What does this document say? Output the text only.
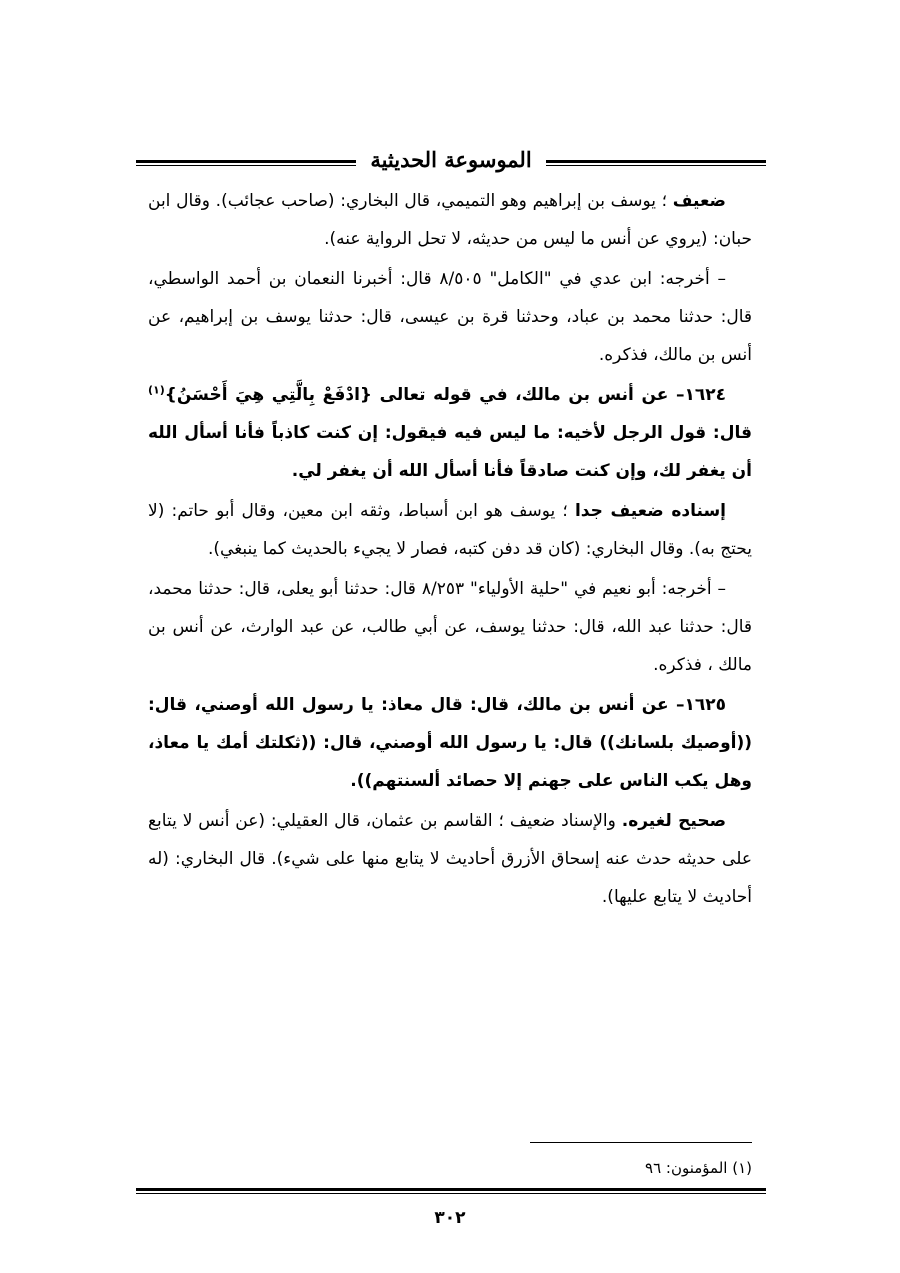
الموسوعة الحديثية

ضعيف ؛ يوسف بن إبراهيم وهو التميمي، قال البخاري: (صاحب عجائب). وقال ابن حبان: (يروي عن أنس ما ليس من حديثه، لا تحل الرواية عنه).

– أخرجه: ابن عدي في "الكامل" ٨/٥٠٥ قال: أخبرنا النعمان بن أحمد الواسطي، قال: حدثنا محمد بن عباد، وحدثنا قرة بن عيسى، قال: حدثنا يوسف بن إبراهيم، عن أنس بن مالك، فذكره.

١٦٢٤– عن أنس بن مالك، في قوله تعالى {ادْفَعْ بِالَّتِي هِيَ أَحْسَنُ}$^{(١)}$ قال: قول الرجل لأخيه: ما ليس فيه فيقول: إن كنت كاذباً فأنا أسأل الله أن يغفر لك، وإن كنت صادقاً فأنا أسأل الله أن يغفر لي.

إسناده ضعيف جدا ؛ يوسف هو ابن أسباط، وثقه ابن معين، وقال أبو حاتم: (لا يحتج به). وقال البخاري: (كان قد دفن كتبه، فصار لا يجيء بالحديث كما ينبغي).

– أخرجه: أبو نعيم في "حلية الأولياء" ٨/٢٥٣ قال: حدثنا أبو يعلى، قال: حدثنا محمد، قال: حدثنا عبد الله، قال: حدثنا يوسف، عن أبي طالب، عن عبد الوارث، عن أنس بن مالك ، فذكره.

١٦٢٥– عن أنس بن مالك، قال: قال معاذ: يا رسول الله أوصني، قال: ((أوصيك بلسانك)) قال: يا رسول الله أوصني، قال: ((ثكلتك أمك يا معاذ، وهل يكب الناس على جهنم إلا حصائد ألسنتهم)).

صحيح لغيره. والإسناد ضعيف ؛ القاسم بن عثمان، قال العقيلي: (عن أنس لا يتابع على حديثه حدث عنه إسحاق الأزرق أحاديث لا يتابع منها على شيء). قال البخاري: (له أحاديث لا يتابع عليها).

(١) المؤمنون: ٩٦
٣٠٢
